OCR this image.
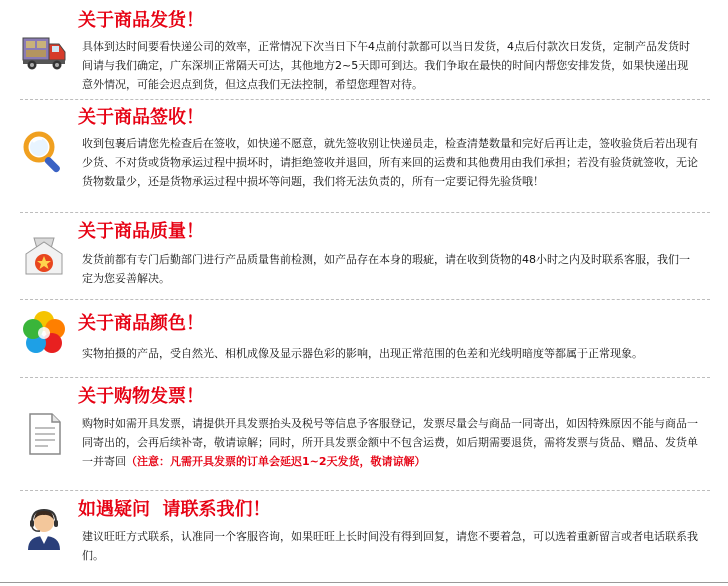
关于商品发货！

具体到达时间要看快递公司的效率，正常情况下次当日下午4点前付款都可以当日发货，4点后付款次日发货，定制产品发货时间请与我们确定，广东深圳正常隔天可达，其他地方2~5天即可到达。我们争取在最快的时间内帮您安排发货，如果快递出现意外情况，可能会迟点到货，但这点我们无法控制，希望您理智对待。

关于商品签收！

收到包裹后请您先检查后在签收，如快递不愿意，就先签收别让快递员走，检查清楚数量和完好后再让走，签收验货后若出现有少货、不对货或货物承运过程中损坏时，请拒绝签收并退回，所有来回的运费和其他费用由我们承担；若没有验货就签收，无论货物数量少，还是货物承运过程中损坏等问题，我们将无法负责的，所有一定要记得先验货哦！

关于商品质量！

发货前都有专门后勤部门进行产品质量售前检测，如产品存在本身的瑕疵，请在收到货物的48小时之内及时联系客服，我们一定为您妥善解决。

关于商品颜色！

实物拍摄的产品，受自然光、相机成像及显示器色彩的影响，出现正常范围的色差和光线明暗度等都属于正常现象。

关于购物发票！

购物时如需开具发票，请提供开具发票抬头及税号等信息予客服登记，发票尽量会与商品一同寄出，如因特殊原因不能与商品一同寄出的，会再后续补寄，敬请谅解；同时，所开具发票金额中不包含运费，如后期需要退货，需将发票与货品、赠品、发货单一并寄回（注意：凡需开具发票的订单会延迟1~2天发货，敬请谅解）

如遇疑问  请联系我们！

建议旺旺方式联系，认准同一个客服咨询，如果旺旺上长时间没有得到回复，请您不要着急，可以选着重新留言或者电话联系我们。
